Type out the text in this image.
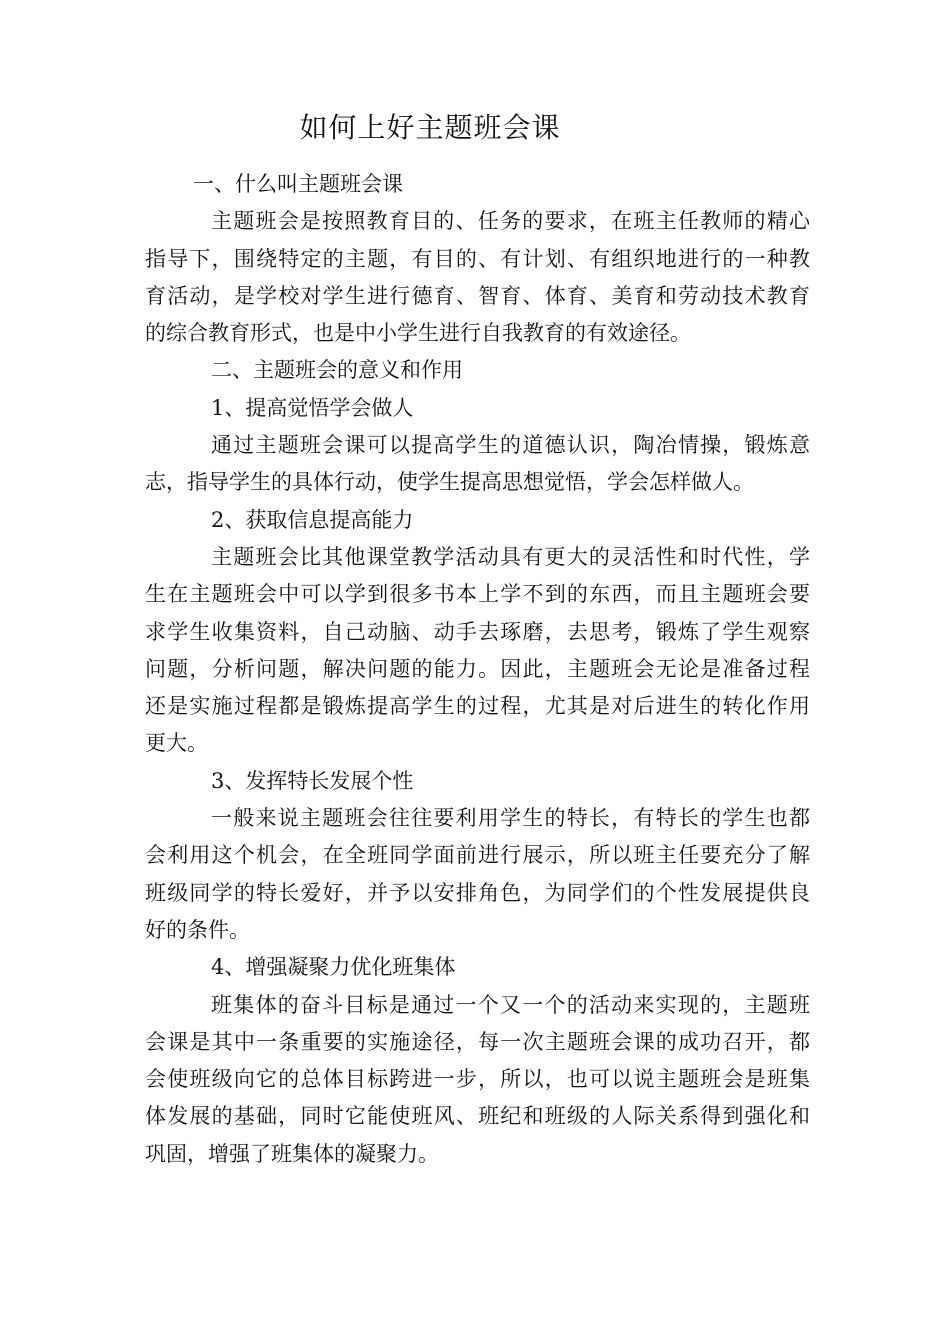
如何上好主题班会课
一、什么叫主题班会课
主题班会是按照教育目的、任务的要求，在班主任教师的精心
指导下，围绕特定的主题，有目的、有计划、有组织地进行的一种教
育活动，是学校对学生进行德育、智育、体育、美育和劳动技术教育
的综合教育形式，也是中小学生进行自我教育的有效途径。
二、主题班会的意义和作用
1、提高觉悟学会做人
通过主题班会课可以提高学生的道德认识，陶冶情操，锻炼意
志，指导学生的具体行动，使学生提高思想觉悟，学会怎样做人。
2、获取信息提高能力
主题班会比其他课堂教学活动具有更大的灵活性和时代性，学
生在主题班会中可以学到很多书本上学不到的东西，而且主题班会要
求学生收集资料，自己动脑、动手去琢磨，去思考，锻炼了学生观察
问题，分析问题，解决问题的能力。因此，主题班会无论是准备过程
还是实施过程都是锻炼提高学生的过程，尤其是对后进生的转化作用
更大。
3、发挥特长发展个性
一般来说主题班会往往要利用学生的特长，有特长的学生也都
会利用这个机会，在全班同学面前进行展示，所以班主任要充分了解
班级同学的特长爱好，并予以安排角色，为同学们的个性发展提供良
好的条件。
4、增强凝聚力优化班集体
班集体的奋斗目标是通过一个又一个的活动来实现的，主题班
会课是其中一条重要的实施途径，每一次主题班会课的成功召开，都
会使班级向它的总体目标跨进一步，所以，也可以说主题班会是班集
体发展的基础，同时它能使班风、班纪和班级的人际关系得到强化和
巩固，增强了班集体的凝聚力。
